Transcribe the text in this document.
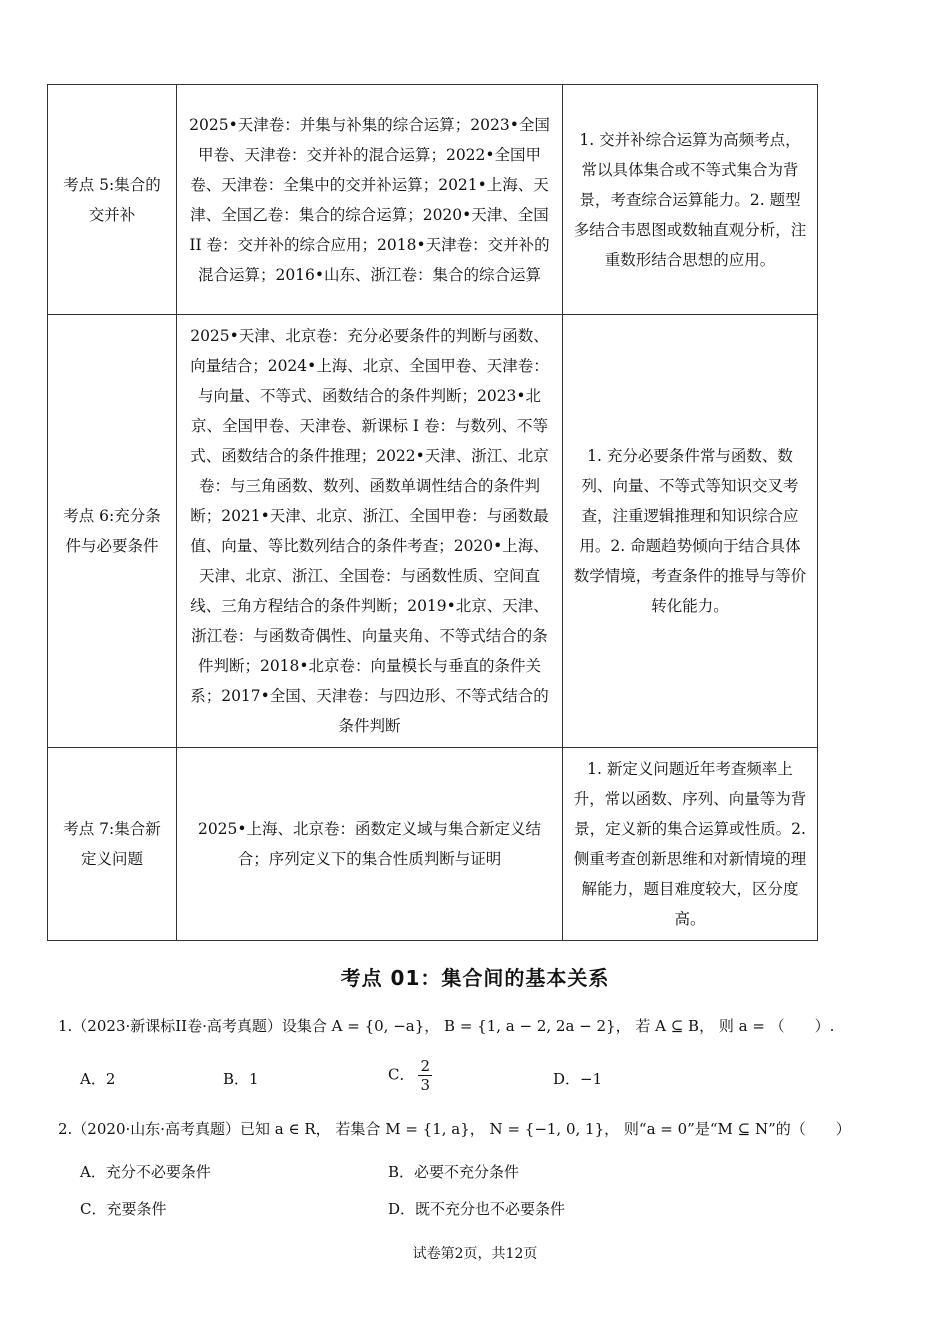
考点 5:集合的交并补	2025•天津卷：并集与补集的综合运算；2023•全国甲卷、天津卷：交并补的混合运算；2022•全国甲卷、天津卷：全集中的交并补运算；2021•上海、天津、全国乙卷：集合的综合运算；2020•天津、全国 II 卷：交并补的综合应用；2018•天津卷：交并补的混合运算；2016•山东、浙江卷：集合的综合运算	1. 交并补综合运算为高频考点，常以具体集合或不等式集合为背景，考查综合运算能力。2. 题型多结合韦恩图或数轴直观分析，注重数形结合思想的应用。
考点 6:充分条件与必要条件	2025•天津、北京卷：充分必要条件的判断与函数、向量结合；2024•上海、北京、全国甲卷、天津卷：与向量、不等式、函数结合的条件判断；2023•北京、全国甲卷、天津卷、新课标 I 卷：与数列、不等式、函数结合的条件推理；2022•天津、浙江、北京卷：与三角函数、数列、函数单调性结合的条件判断；2021•天津、北京、浙江、全国甲卷：与函数最值、向量、等比数列结合的条件考查；2020•上海、天津、北京、浙江、全国卷：与函数性质、空间直线、三角方程结合的条件判断；2019•北京、天津、浙江卷：与函数奇偶性、向量夹角、不等式结合的条件判断；2018•北京卷：向量模长与垂直的条件关系；2017•全国、天津卷：与四边形、不等式结合的条件判断	1. 充分必要条件常与函数、数列、向量、不等式等知识交叉考查，注重逻辑推理和知识综合应用。2. 命题趋势倾向于结合具体数学情境，考查条件的推导与等价转化能力。
考点 7:集合新定义问题	2025•上海、北京卷：函数定义域与集合新定义结合；序列定义下的集合性质判断与证明	1. 新定义问题近年考查频率上升，常以函数、序列、向量等为背景，定义新的集合运算或性质。2. 侧重考查创新思维和对新情境的理解能力，题目难度较大，区分度高。
考点 01：集合间的基本关系
1.（2023·新课标II卷·高考真题）设集合 A = {0, −a}， B = {1, a − 2, 2a − 2}， 若 A ⊆ B， 则 a = （　　）.
A．2	B．1	C． $\frac{2}{3}$	D．−1
2.（2020·山东·高考真题）已知 a ∈ R， 若集合 M = {1, a}， N = {−1, 0, 1}， 则“a = 0”是“M ⊆ N”的（　　）
A．充分不必要条件	B．必要不充分条件
C．充要条件	D．既不充分也不必要条件
试卷第2页，共12页
